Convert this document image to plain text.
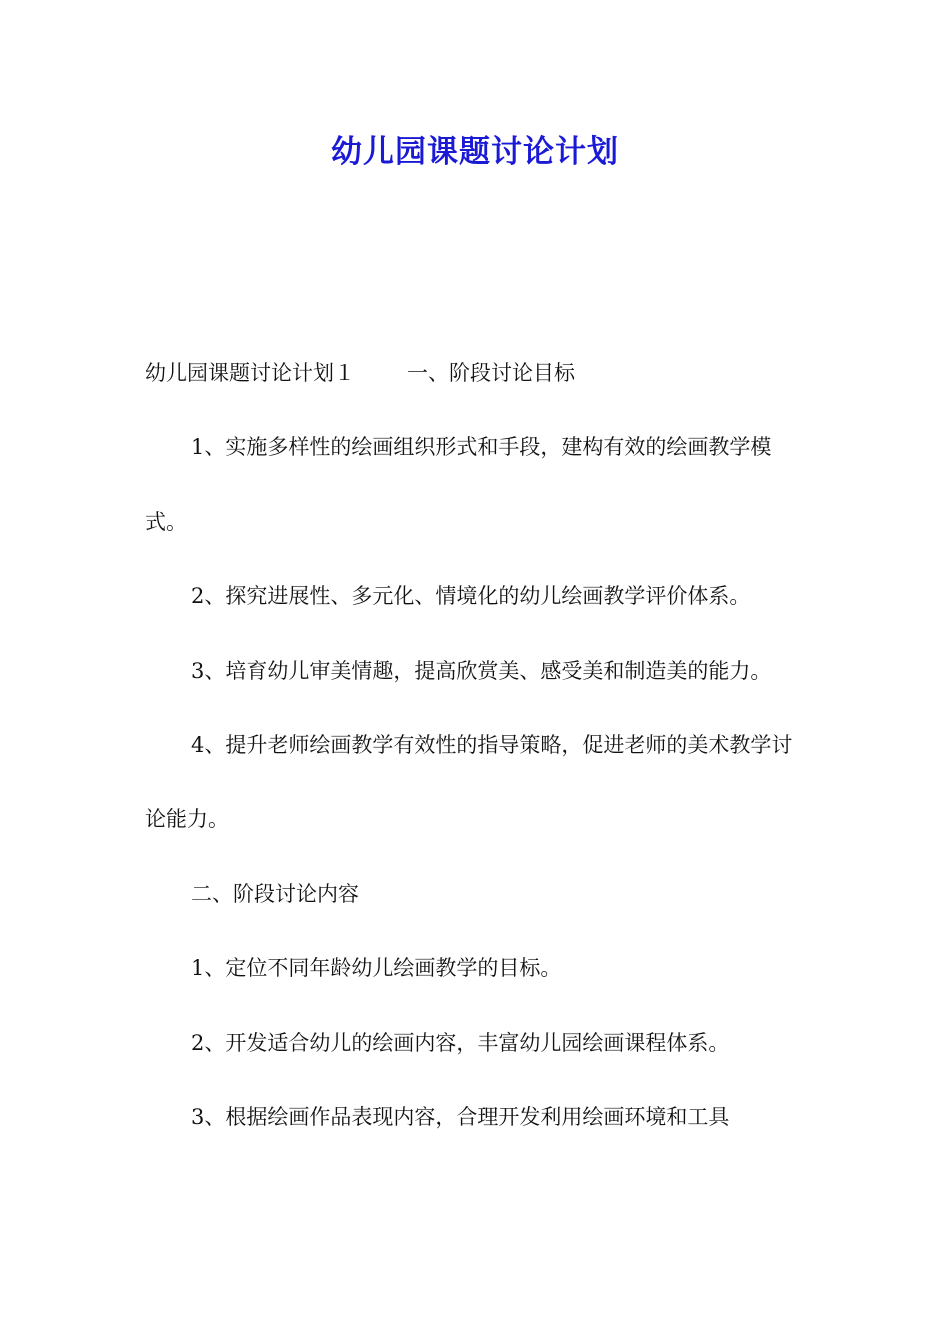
幼儿园课题讨论计划

幼儿园课题讨论计划１ 一、阶段讨论目标

1、实施多样性的绘画组织形式和手段，建构有效的绘画教学模式。

2、探究进展性、多元化、情境化的幼儿绘画教学评价体系。

3、培育幼儿审美情趣，提高欣赏美、感受美和制造美的能力。

4、提升老师绘画教学有效性的指导策略，促进老师的美术教学讨论能力。

二、阶段讨论内容

1、定位不同年龄幼儿绘画教学的目标。

2、开发适合幼儿的绘画内容，丰富幼儿园绘画课程体系。

3、根据绘画作品表现内容，合理开发利用绘画环境和工具
